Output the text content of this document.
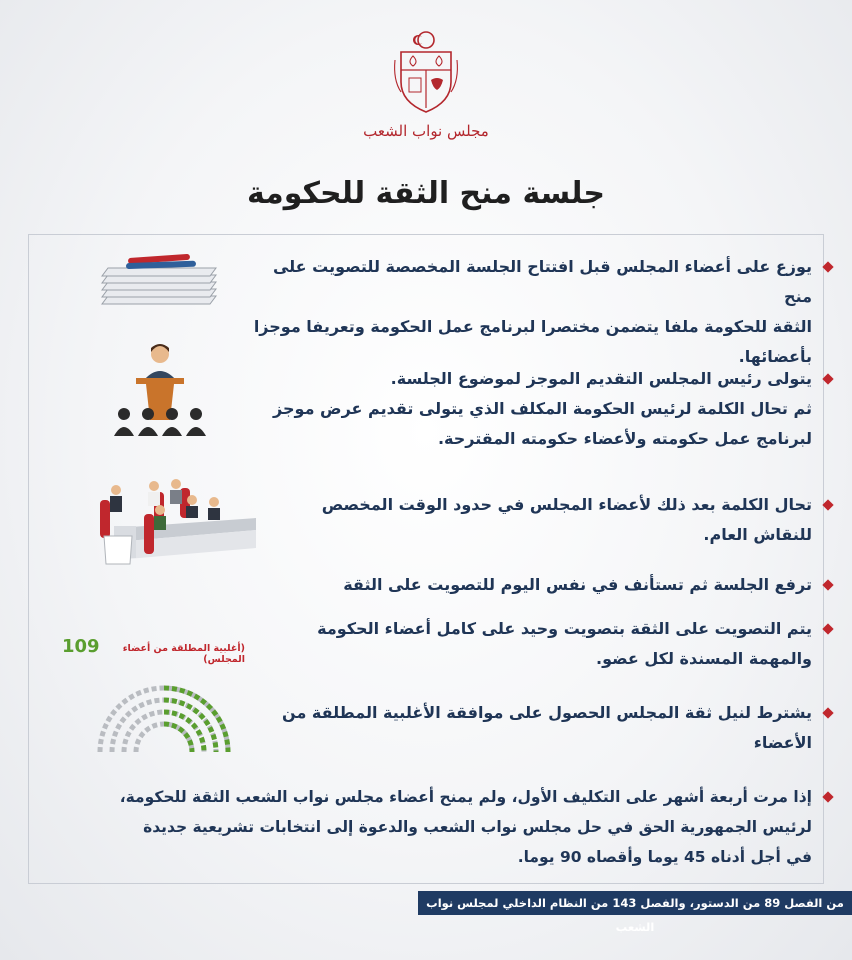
مجلس نواب الشعب
جلسة منح الثقة للحكومة
يوزع على أعضاء المجلس قبل افتتاح الجلسة المخصصة للتصويت على منح
الثقة للحكومة ملفا يتضمن مختصرا لبرنامج عمل الحكومة وتعريفا موجزا
بأعضائها.
يتولى رئيس المجلس التقديم الموجز لموضوع الجلسة.
ثم تحال الكلمة لرئيس الحكومة المكلف الذي يتولى تقديم عرض موجز
لبرنامج عمل حكومته ولأعضاء حكومته المقترحة.
تحال الكلمة بعد ذلك لأعضاء المجلس في حدود الوقت المخصص
للنقاش العام.
ترفع الجلسة ثم تستأنف في نفس اليوم للتصويت على الثقة
يتم التصويت على الثقة بتصويت وحيد على كامل أعضاء الحكومة
والمهمة المسندة لكل عضو.
(أغلبية المطلقة من أعضاء المجلس)
109
يشترط لنيل ثقة المجلس الحصول على موافقة الأغلبية المطلقة من الأعضاء
إذا مرت أربعة أشهر على التكليف الأول، ولم يمنح أعضاء مجلس نواب الشعب الثقة للحكومة،
لرئيس الجمهورية الحق في حل مجلس نواب الشعب والدعوة إلى انتخابات تشريعية جديدة
في أجل أدناه 45 يوما وأقصاه 90 يوما.
من الفصل 89 من الدستور، والفصل 143 من النظام الداخلي لمجلس نواب الشعب
